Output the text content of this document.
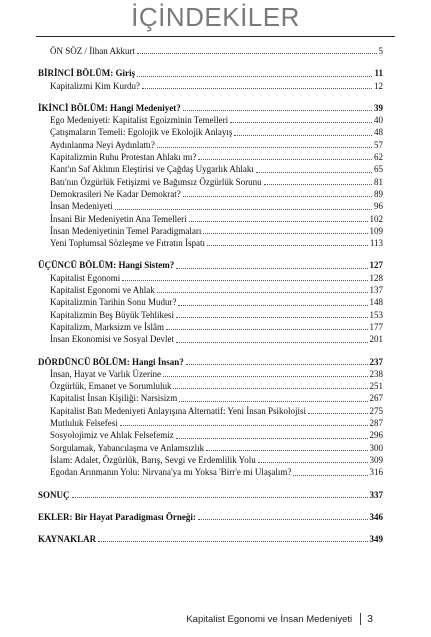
İÇİNDEKİLER
ÖN SÖZ / İlhan Akkurt	5
BİRİNCİ BÖLÜM: Giriş	11
Kapitalizmi Kim Kurdu?	12
İKİNCİ BÖLÜM: Hangi Medeniyet?	39
Ego Medeniyeti: Kapitalist Egoizminin Temelleri	40
Çatışmaların Temeli: Egolojik ve Ekolojik Anlayış	48
Aydınlanma Neyi Aydınlattı?	57
Kapitalizmin Ruhu Protestan Ahlakı mı?	62
Kant'ın Saf Aklının Eleştirisi ve Çağdaş Uygarlık Ahlakı	65
Batı'nın Özgürlük Fetişizmi ve Bağımsız Özgürlük Sorunu	81
Demokrasileri Ne Kadar Demokrat?	89
İnsan Medeniyeti	96
İnsani Bir Medeniyetin Ana Temelleri	102
İnsan Medeniyetinin Temel Paradigmaları	109
Yeni Toplumsal Sözleşme ve Fıtratın İspatı	113
ÜÇÜNCÜ BÖLÜM: Hangi Sistem?	127
Kapitalist Egonomi	128
Kapitalist Egonomi ve Ahlak	137
Kapitalizmin Tarihin Sonu Mudur?	148
Kapitalizmin Beş Büyük Tehlikesi	153
Kapitalizm, Marksizm ve İslâm	177
İnsan Ekonomisi ve Sosyal Devlet	201
DÖRDÜNCÜ BÖLÜM: Hangi İnsan?	237
İnsan, Hayat ve Varlık Üzerine	238
Özgürlük, Emanet ve Sorumluluk	251
Kapitalist İnsan Kişiliği: Narsisizm	267
Kapitalist Batı Medeniyeti Anlayışına Alternatif: Yeni İnsan Psikolojisi	275
Mutluluk Felsefesi	287
Sosyolojimiz ve Ahlak Felsefemiz	296
Sorgulamak, Yabancılaşma ve Anlamsızlık	300
İslam: Adalet, Özgürlük, Barış, Sevgi ve Erdemlilik Yolu	309
Egodan Arınmanın Yolu: Nirvana'ya mı Yoksa 'Birr'e mi Ulaşalım?	316
SONUÇ	337
EKLER: Bir Hayat Paradigması Örneği:	346
KAYNAKLAR	349
Kapitalist Egonomi ve İnsan Medeniyeti 3
